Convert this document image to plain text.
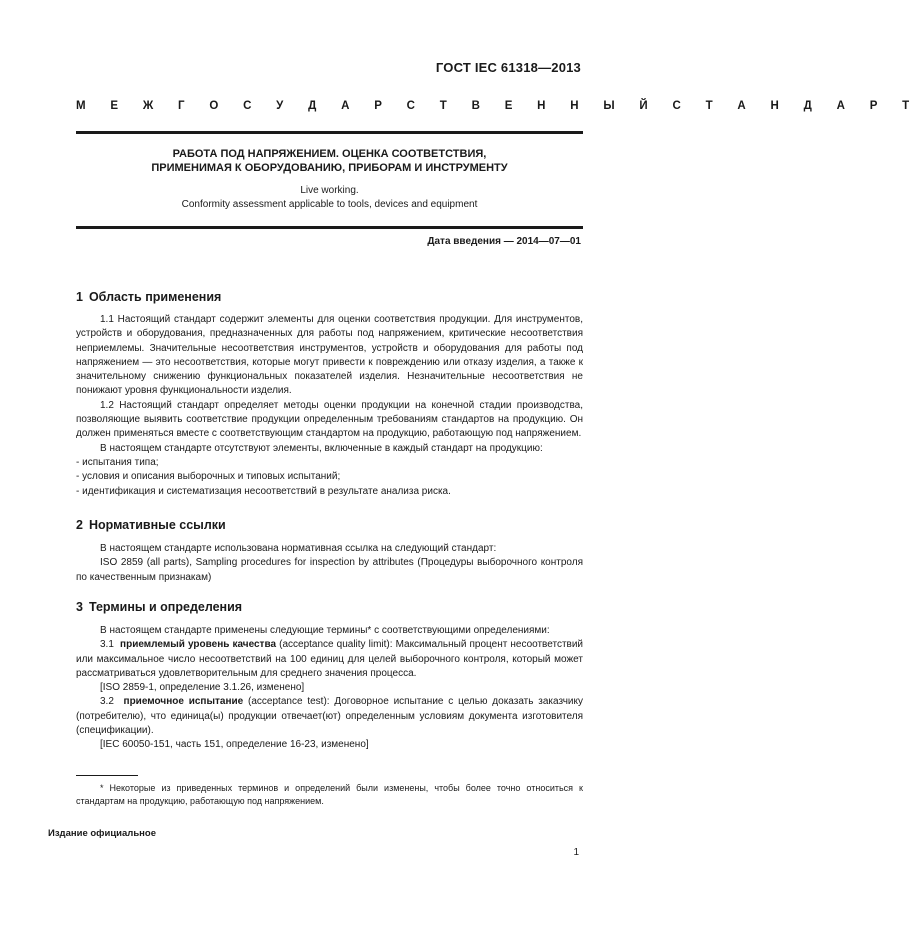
ГОСТ IEC 61318—2013
М Е Ж Г О С У Д А Р С Т В Е Н Н Ы Й С Т А Н Д А Р Т
РАБОТА ПОД НАПРЯЖЕНИЕМ. ОЦЕНКА СООТВЕТСТВИЯ,
ПРИМЕНИМАЯ К ОБОРУДОВАНИЮ, ПРИБОРАМ И ИНСТРУМЕНТУ
Live working.
Conformity assessment applicable to tools, devices and equipment
Дата введения — 2014—07—01
1 Область применения

1.1 Настоящий стандарт содержит элементы для оценки соответствия продукции. Для инструментов, устройств и оборудования, предназначенных для работы под напряжением, критические несоответствия неприемлемы. Значительные несоответствия инструментов, устройств и оборудования для работы под напряжением — это несоответствия, которые могут привести к повреждению или отказу изделия, а также к значительному снижению функциональных показателей изделия. Незначительные несоответствия не понижают уровня функциональности изделия.

1.2 Настоящий стандарт определяет методы оценки продукции на конечной стадии производства, позволяющие выявить соответствие продукции определенным требованиям стандартов на продукцию. Он должен применяться вместе с соответствующим стандартом на продукцию, работающую под напряжением.

В настоящем стандарте отсутствуют элементы, включенные в каждый стандарт на продукцию:

- испытания типа;

- условия и описания выборочных и типовых испытаний;

- идентификация и систематизация несоответствий в результате анализа риска.

2 Нормативные ссылки

В настоящем стандарте использована нормативная ссылка на следующий стандарт:

ISO 2859 (all parts), Sampling procedures for inspection by attributes (Процедуры выборочного контроля по качественным признакам)

3 Термины и определения

В настоящем стандарте применены следующие термины* с соответствующими определениями:

3.1 приемлемый уровень качества (acceptance quality limit): Максимальный процент несоответствий или максимальное число несоответствий на 100 единиц для целей выборочного контроля, который может рассматриваться удовлетворительным для среднего значения процесса.

[ISO 2859-1, определение 3.1.26, изменено]

3.2 приемочное испытание (acceptance test): Договорное испытание с целью доказать заказчику (потребителю), что единица(ы) продукции отвечает(ют) определенным условиям документа изготовителя (спецификации).

[IEC 60050-151, часть 151, определение 16-23, изменено]

* Некоторые из приведенных терминов и определений были изменены, чтобы более точно относиться к стандартам на продукцию, работающую под напряжением.

Издание официальное
1
